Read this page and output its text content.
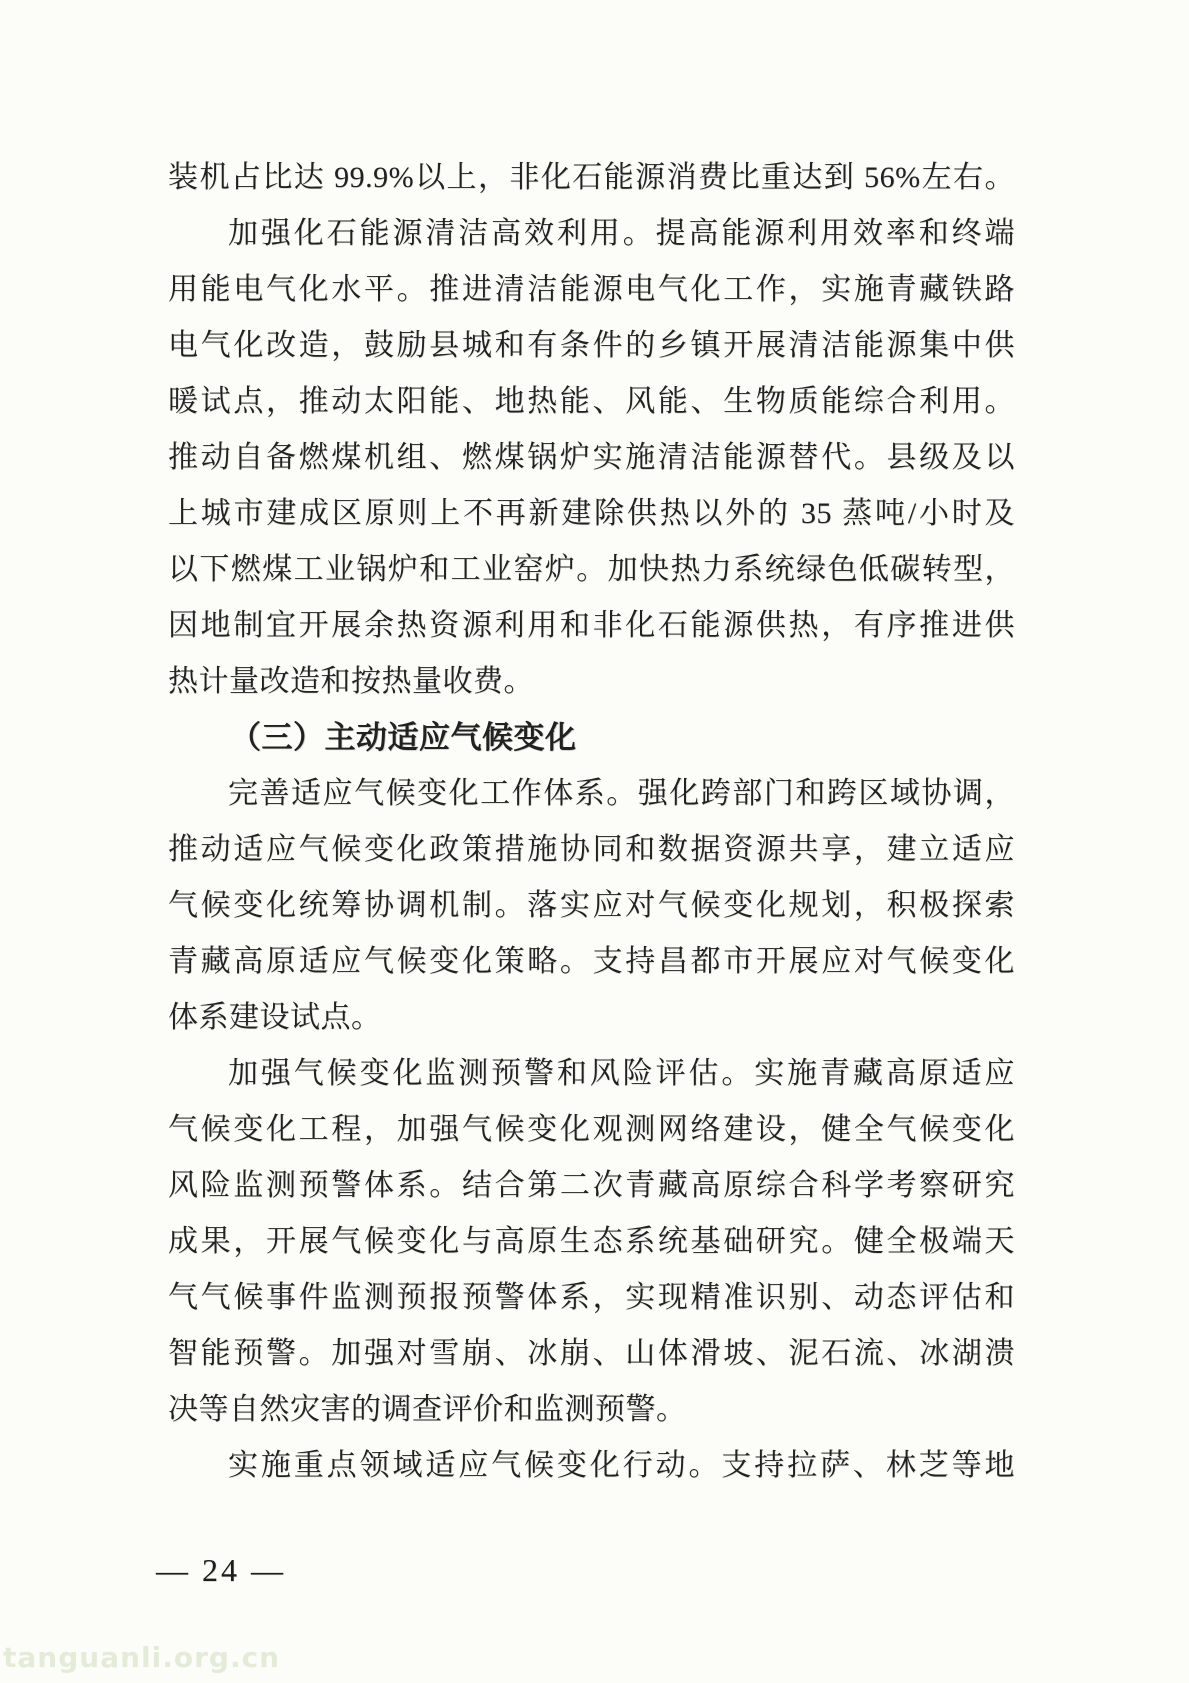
装机占比达 99.9%以上，非化石能源消费比重达到 56%左右。
加强化石能源清洁高效利用。提高能源利用效率和终端
用能电气化水平。推进清洁能源电气化工作，实施青藏铁路
电气化改造，鼓励县城和有条件的乡镇开展清洁能源集中供
暖试点，推动太阳能、地热能、风能、生物质能综合利用。
推动自备燃煤机组、燃煤锅炉实施清洁能源替代。县级及以
上城市建成区原则上不再新建除供热以外的 35 蒸吨/小时及
以下燃煤工业锅炉和工业窑炉。加快热力系统绿色低碳转型，
因地制宜开展余热资源利用和非化石能源供热，有序推进供
热计量改造和按热量收费。
（三）主动适应气候变化
完善适应气候变化工作体系。强化跨部门和跨区域协调，
推动适应气候变化政策措施协同和数据资源共享，建立适应
气候变化统筹协调机制。落实应对气候变化规划，积极探索
青藏高原适应气候变化策略。支持昌都市开展应对气候变化
体系建设试点。
加强气候变化监测预警和风险评估。实施青藏高原适应
气候变化工程，加强气候变化观测网络建设，健全气候变化
风险监测预警体系。结合第二次青藏高原综合科学考察研究
成果，开展气候变化与高原生态系统基础研究。健全极端天
气气候事件监测预报预警体系，实现精准识别、动态评估和
智能预警。加强对雪崩、冰崩、山体滑坡、泥石流、冰湖溃
决等自然灾害的调查评价和监测预警。
实施重点领域适应气候变化行动。支持拉萨、林芝等地
— 24 —
tanguanli.org.cn
